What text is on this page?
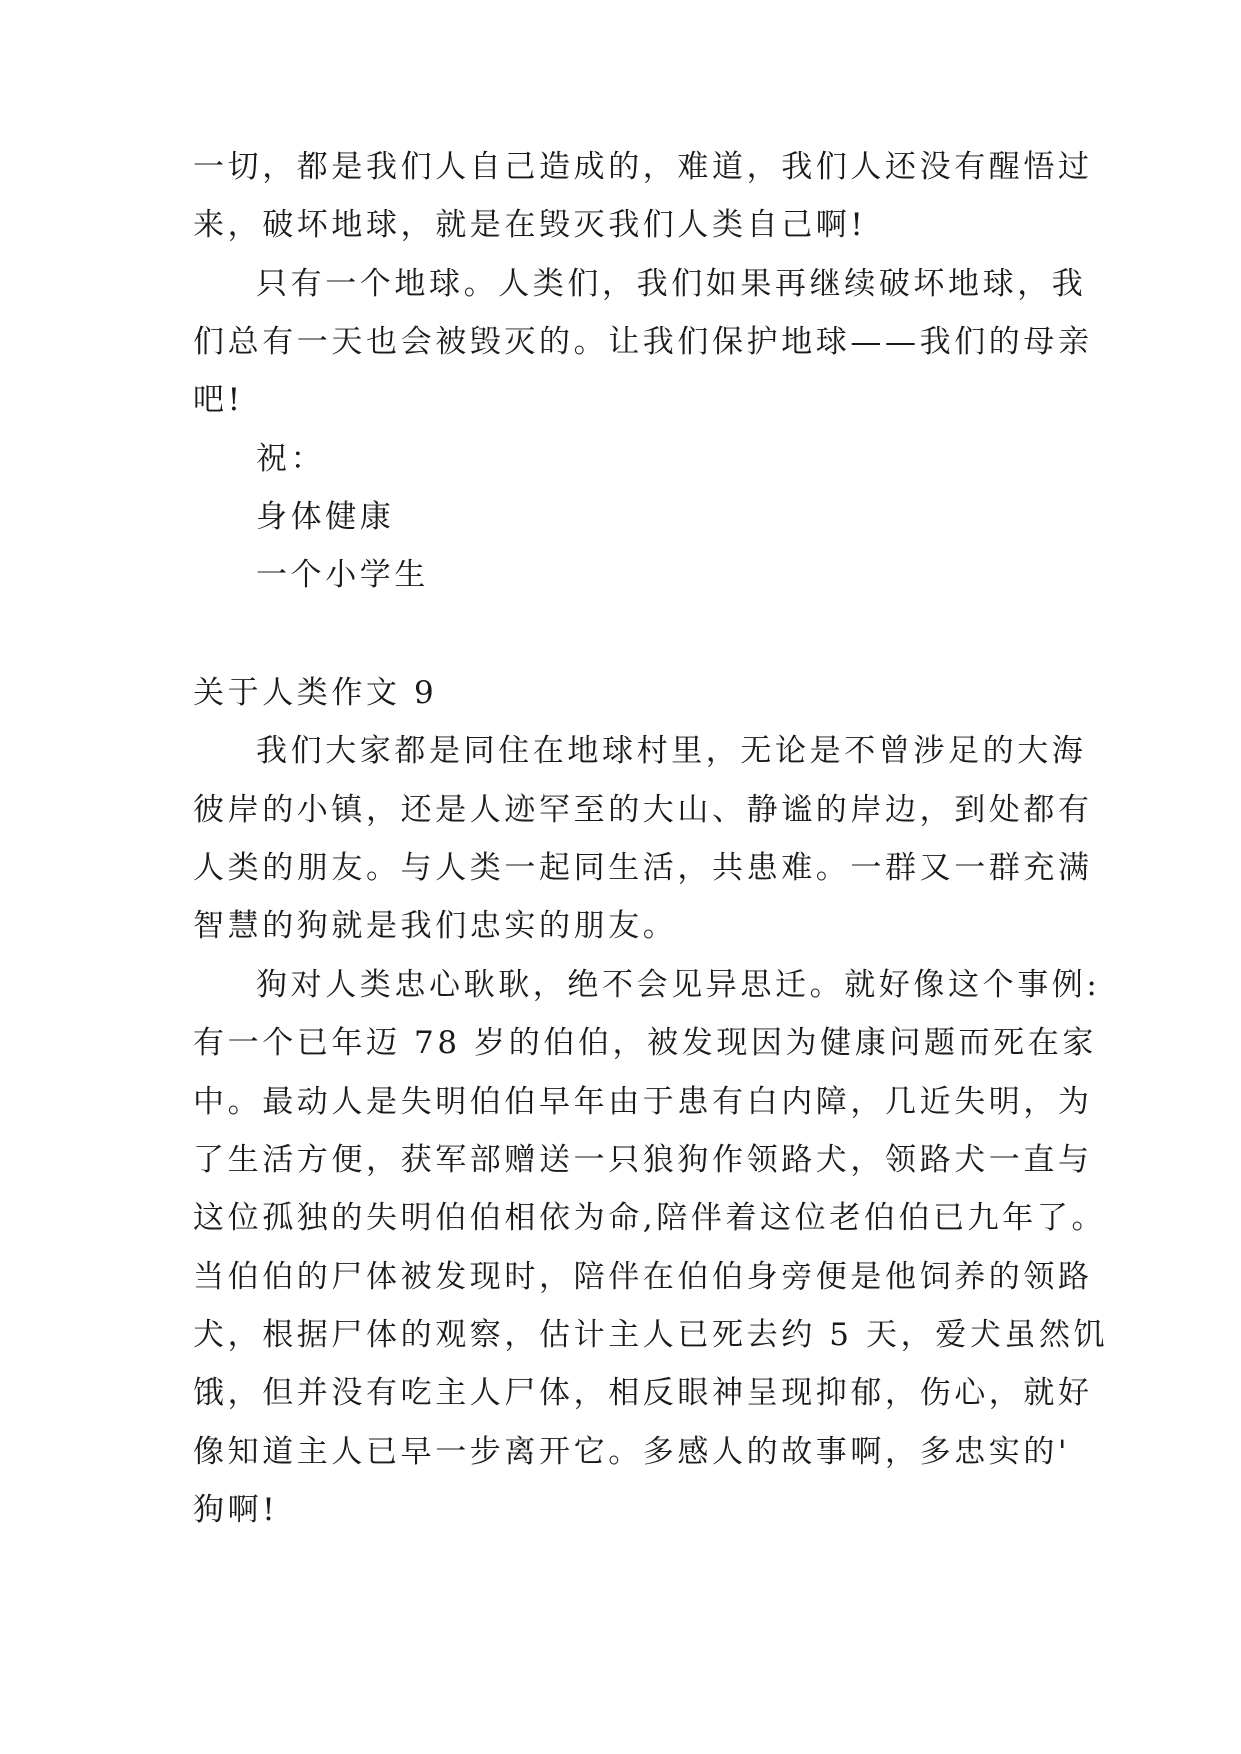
一切，都是我们人自己造成的，难道，我们人还没有醒悟过
来，破坏地球，就是在毁灭我们人类自己啊!
只有一个地球。人类们，我们如果再继续破坏地球，我
们总有一天也会被毁灭的。让我们保护地球——我们的母亲
吧!
祝：
身体健康
一个小学生
关于人类作文 9
我们大家都是同住在地球村里，无论是不曾涉足的大海
彼岸的小镇，还是人迹罕至的大山、静谧的岸边，到处都有
人类的朋友。与人类一起同生活，共患难。一群又一群充满
智慧的狗就是我们忠实的朋友。
狗对人类忠心耿耿，绝不会见异思迁。就好像这个事例:
有一个已年迈 78 岁的伯伯，被发现因为健康问题而死在家
中。最动人是失明伯伯早年由于患有白内障，几近失明，为
了生活方便，获军部赠送一只狼狗作领路犬，领路犬一直与
这位孤独的失明伯伯相依为命,陪伴着这位老伯伯已九年了。
当伯伯的尸体被发现时，陪伴在伯伯身旁便是他饲养的领路
犬，根据尸体的观察，估计主人已死去约 5 天，爱犬虽然饥
饿，但并没有吃主人尸体，相反眼神呈现抑郁，伤心，就好
像知道主人已早一步离开它。多感人的故事啊，多忠实的'
狗啊!
